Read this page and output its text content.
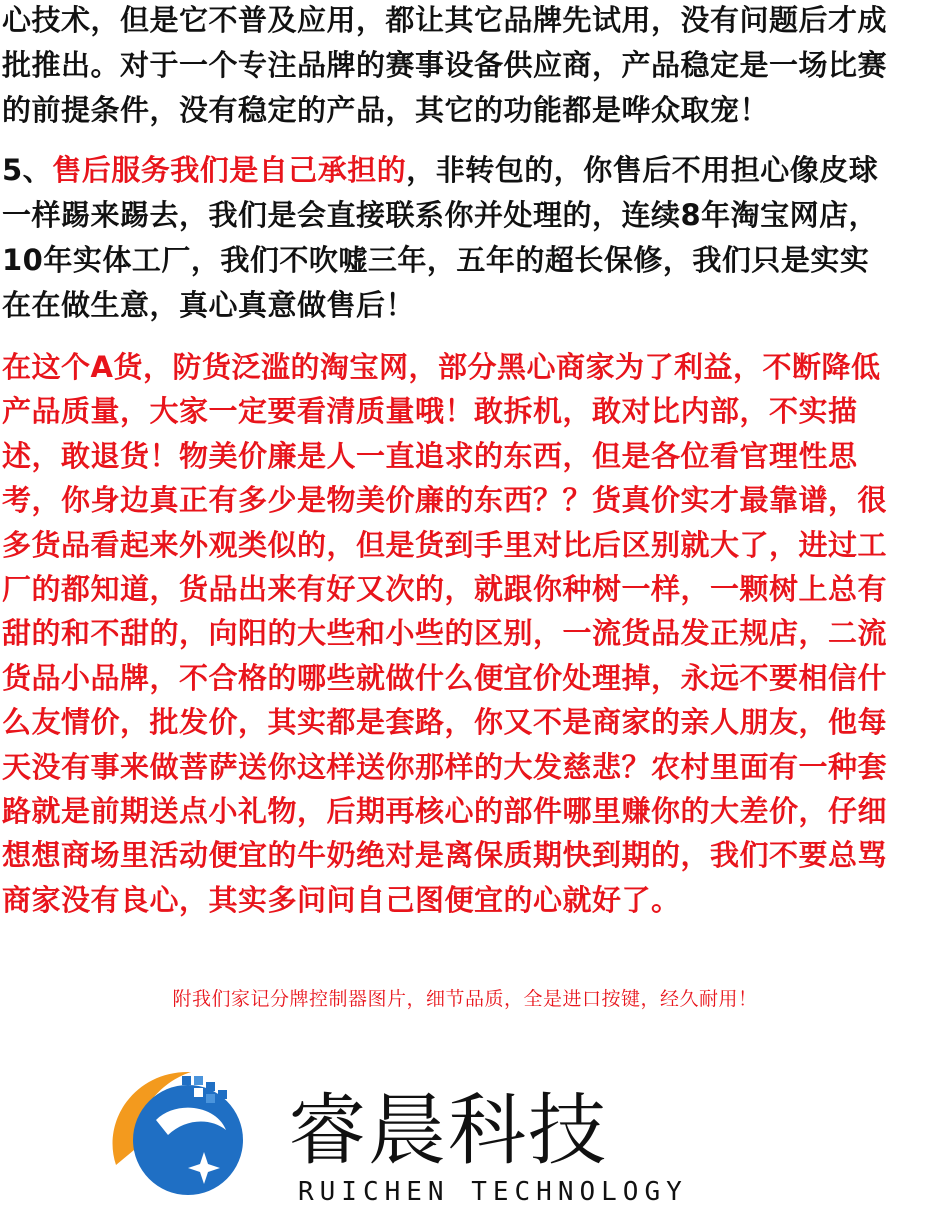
心技术，但是它不普及应用，都让其它品牌先试用，没有问题后才成
批推出。对于一个专注品牌的赛事设备供应商，产品稳定是一场比赛
的前提条件，没有稳定的产品，其它的功能都是哗众取宠！
5、售后服务我们是自己承担的，非转包的，你售后不用担心像皮球
一样踢来踢去，我们是会直接联系你并处理的，连续8年淘宝网店，
10年实体工厂，我们不吹嘘三年，五年的超长保修，我们只是实实
在在做生意，真心真意做售后！
在这个A货，防货泛滥的淘宝网，部分黑心商家为了利益，不断降低
产品质量，大家一定要看清质量哦！敢拆机，敢对比内部，不实描
述，敢退货！物美价廉是人一直追求的东西，但是各位看官理性思
考，你身边真正有多少是物美价廉的东西？？货真价实才最靠谱，很
多货品看起来外观类似的，但是货到手里对比后区别就大了，进过工
厂的都知道，货品出来有好又次的，就跟你种树一样，一颗树上总有
甜的和不甜的，向阳的大些和小些的区别，一流货品发正规店，二流
货品小品牌，不合格的哪些就做什么便宜价处理掉，永远不要相信什
么友情价，批发价，其实都是套路，你又不是商家的亲人朋友，他每
天没有事来做菩萨送你这样送你那样的大发慈悲？农村里面有一种套
路就是前期送点小礼物，后期再核心的部件哪里赚你的大差价，仔细
想想商场里活动便宜的牛奶绝对是离保质期快到期的，我们不要总骂
商家没有良心，其实多问问自己图便宜的心就好了。
附我们家记分牌控制器图片，细节品质，全是进口按键，经久耐用！
睿晨科技
RUICHEN TECHNOLOGY
